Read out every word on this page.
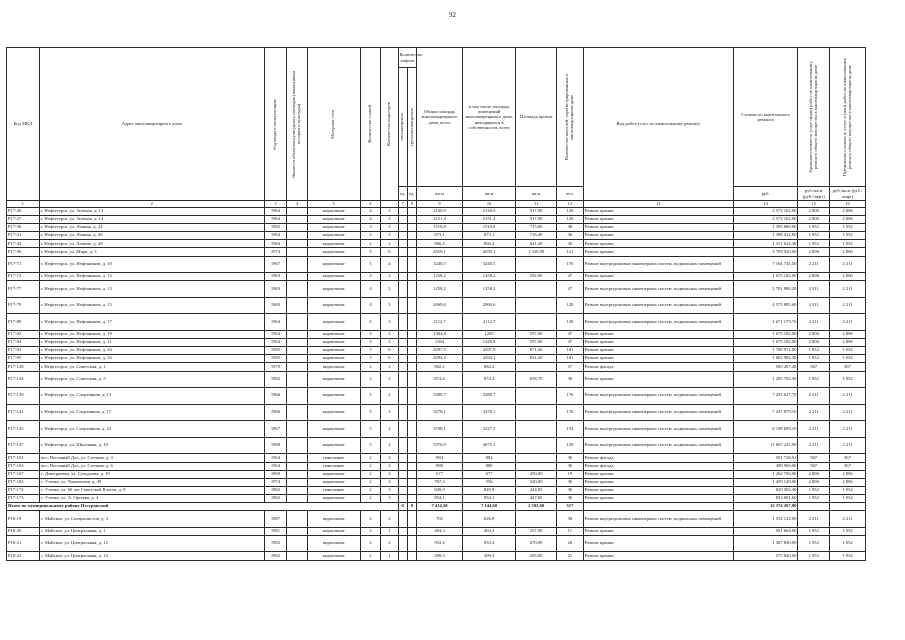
92
Код МКД	Адрес многоквартирного дома	Год ввода в эксплуатацию	Является объектом культурного наследия (памятником истории и культуры)	Материал стен	Количество этажей	Количество подъездов	Количество лифтов		Общая площадь многоквартирного дома, всего	в том числе площадь помещений многоквартирного дома, находящихся в собственности, всего	Площадь кровли	Количество жителей, зарегистрированных в многоквартирном доме	Вид работ/услуг по капитальному ремонту	Стоимость капитального ремонта	Удельная стоимость услуг и(или) работ по капитальному ремонту общего имущества в многоквартирном доме	Предельная стоимость услуг и (или) работ по капитальному ремонту общего имущества в многоквартирном доме

							пассажирских	грузопассажирских								

							ед.	ед.	кв.м	кв.м	кв.м	чел.		руб.	руб./кв.м (руб./лифт)	руб./кв.м (руб./лифт)
1	2	3	4	5	6		7	8	9	10	11	12	13	14	15	16
Р17-26	г. Нефтегорск, ул. Зеленая, д. 13	1964		кирпичные	4	3			2140,9	2140,9	917,00	128	Ремонт крыши	2 573 102,00	2 806	2 806
Р17-27	г. Нефтегорск, ул. Зеленая, д. 14	1964		кирпичные	4	3			2151,4	2151,4	917,00	128	Ремонт крыши	2 573 102,00	2 806	2 806
Р17-36	г. Нефтегорск, ул. Ленина, д. 24	1982		кирпичные	3	3			1510,8	1510,8	715,00	48	Ремонт крыши	1 395 680,00	1 952	1 952
Р17-41	г. Нефтегорск, ул. Ленина, д. 26	1984		кирпичные	2	3			873,1	873,1	716,40	36	Ремонт крыши	1 398 412,80	1 952	1 952
Р17-42	г. Нефтегорск, ул. Ленина, д. 28	1984		кирпичные	2	2			866,4	866,4	641,20	36	Ремонт крыши	1 251 622,40	1 952	1 952
Р17-56	г. Нефтегорск, ул. Мира, д. 3	1974		кирпичные	5	6			4559,1	4559,1	1 320,00	121	Ремонт крыши	3 703 920,00	2 806	2 806
Р17-71	г. Нефтегорск, ул. Нефтяников, д. 10	1967		кирпичные	5	4			3240,5	3240,5		176	Ремонт внутридомовых инженерных систем, подвальных помещений	7 164 745,50	2 211	2 211
Р17-72	г. Нефтегорск, ул. Нефтяников, д. 13	1963		кирпичные	4	2			1258,2	1258,2	592,00	47	Ремонт крыши	1 675 182,00	2 806	2 806
Р17-77	г. Нефтегорск, ул. Нефтяников, д. 13	1963		кирпичные	4	2			1258,2	1258,2		47	Ремонт внутридомовых инженерных систем, подвальных помещений	2 781 880,20	2 211	2 211
Р17-79	г. Нефтегорск, ул. Нефтяников, д. 15	1965		кирпичные	4	3			2069,6	2069,6		128	Ремонт внутридомовых инженерных систем, подвальных помещений	4 575 885,60	2 211	2 211
Р17-80	г. Нефтегорск, ул. Нефтяников, д. 17	1964		кирпичные	4	3			2112,7	2112,7		128	Ремонт внутридомовых инженерных систем, подвальных помещений	4 671 179,70	2 211	2 211
Р17-82	г. Нефтегорск, ул. Нефтяников, д. 19	1964		кирпичные	4	2			1404,8	1285	597,00	47	Ремонт крыши	1 675 182,00	2 806	2 806
Р17-84	г. Нефтегорск, ул. Нефтяников, д. 21	1964		кирпичные	4	2			1364	1229,8	597,00	47	Ремонт крыши	1 675 182,00	2 806	2 806
Р17-92	г. Нефтегорск, ул. Нефтяников, д. 44	1985		кирпичные	5	6			4297,9	4297,9	871,40	181	Ремонт крыши	1 700 972,80	1 952	1 952
Р17-95	г. Нефтегорск, ул. Нефтяников, д. 52	1985		кирпичные	5	6			4294,2	4294,2	821,20	181	Ремонт крыши	1 602 982,40	1 952	1 952
Р17-128	г. Нефтегорск, ул. Советская, д. 1	1979		кирпичные	2	3			882,2	882,2		37	Ремонт фасада	500 207,40	567	567
Р17-134	г. Нефтегорск, ул. Советская, д. 5	1982		кирпичные	2	3			874,4	874,4	658,70	36	Ремонт крыши	1 285 782,40	1 952	1 952
Р17-139	г. Нефтегорск, ул. Спортивная, д. 13	1966		кирпичные	5	4			3280,7	3280,7		176	Ремонт внутридомовых инженерных систем, подвальных помещений	7 253 627,70	2 211	2 211
Р17-141	г. Нефтегорск, ул. Спортивная, д. 17	1966		кирпичные	5	4			3278,1	3278,1		176	Ремонт внутридомовых инженерных систем, подвальных помещений	7 247 879,10	2 211	2 211
Р17-143	г. Нефтегорск, ул. Спортивная, д. 23	1967		кирпичные	5	4			3708,1	3227,5		154	Ремонт внутридомовых инженерных систем, подвальных помещений	8 198 609,10	2 211	2 211
Р17-147	г. Нефтегорск, ул. Школьная, д. 10	1968		кирпичные	5	4			5376,9	4675,1		139	Ремонт внутридомовых инженерных систем, подвальных помещений	11 667 225,90	2 211	2 211
Р17-161	пос. Песчаный Дол, ул. Степная, д. 4	1964		панельные	2	2			884	884		36	Ремонт фасада	501 728,01	567	567
Р17-163	пос. Песчаный Дол, ул. Степная, д. 6	1964		панельные	2	2			880	880		36	Ремонт фасада	498 960,00	567	567
Р17-167	с. Дмитриевка, ул. Суходоева, д. 19	1969		кирпичные	2	2			677	677	450,00	19	Ремонт крыши	1 262 700,00	2 806	2 806
Р17-182	с. Утевка, ул. Чапаевская, д. 49	1974		кирпичные	2	2			767,3	556	520,00	36	Ремонт крыши	1 459 120,00	2 806	2 806
Р17-172	с. Утевка, ул. 60 лет Советской Власти, д. 8	1982		панельные	2	3			849,9	849,9	424,95	36	Ремонт крыши	829 502,40	1 952	1 952
Р17-173	с. Утевка, ул. А. Оргеева, д. 4	1982		кирпичные	2	3			854,1	854,1	427,05	36	Ремонт крыши	833 601,60	1 952	1 952
Итого по муниципальному району Пестравский							0	0	7 414,20	7 144,60	2 592,60	317		12 374 267,00		
Р18-19	с. Майское, ул. Специалистов, д. 3	1987		кирпичные	2	2			702	626,8		38	Ремонт внутридомовых инженерных систем, подвальных помещений	1 552 122,00	2 211	2 211
Р18-20	с. Майское, ул. Центральная, д. 1	1981		кирпичные	2	1			404,3	404,3	257,00	11	Ремонт крыши	501 664,00	1 952	1 952
Р18-21	с. Майское, ул. Центральная, д. 12	1982		кирпичные	2	2			933,4	933,4	670,00	26	Ремонт крыши	1 307 840,00	1 952	1 952
Р18-22	с. Майское, ул. Центральная, д. 14	1982		кирпичные	2	1			499,3	499,3	295,00	21	Ремонт крыши	575 840,00	1 952	1 952
